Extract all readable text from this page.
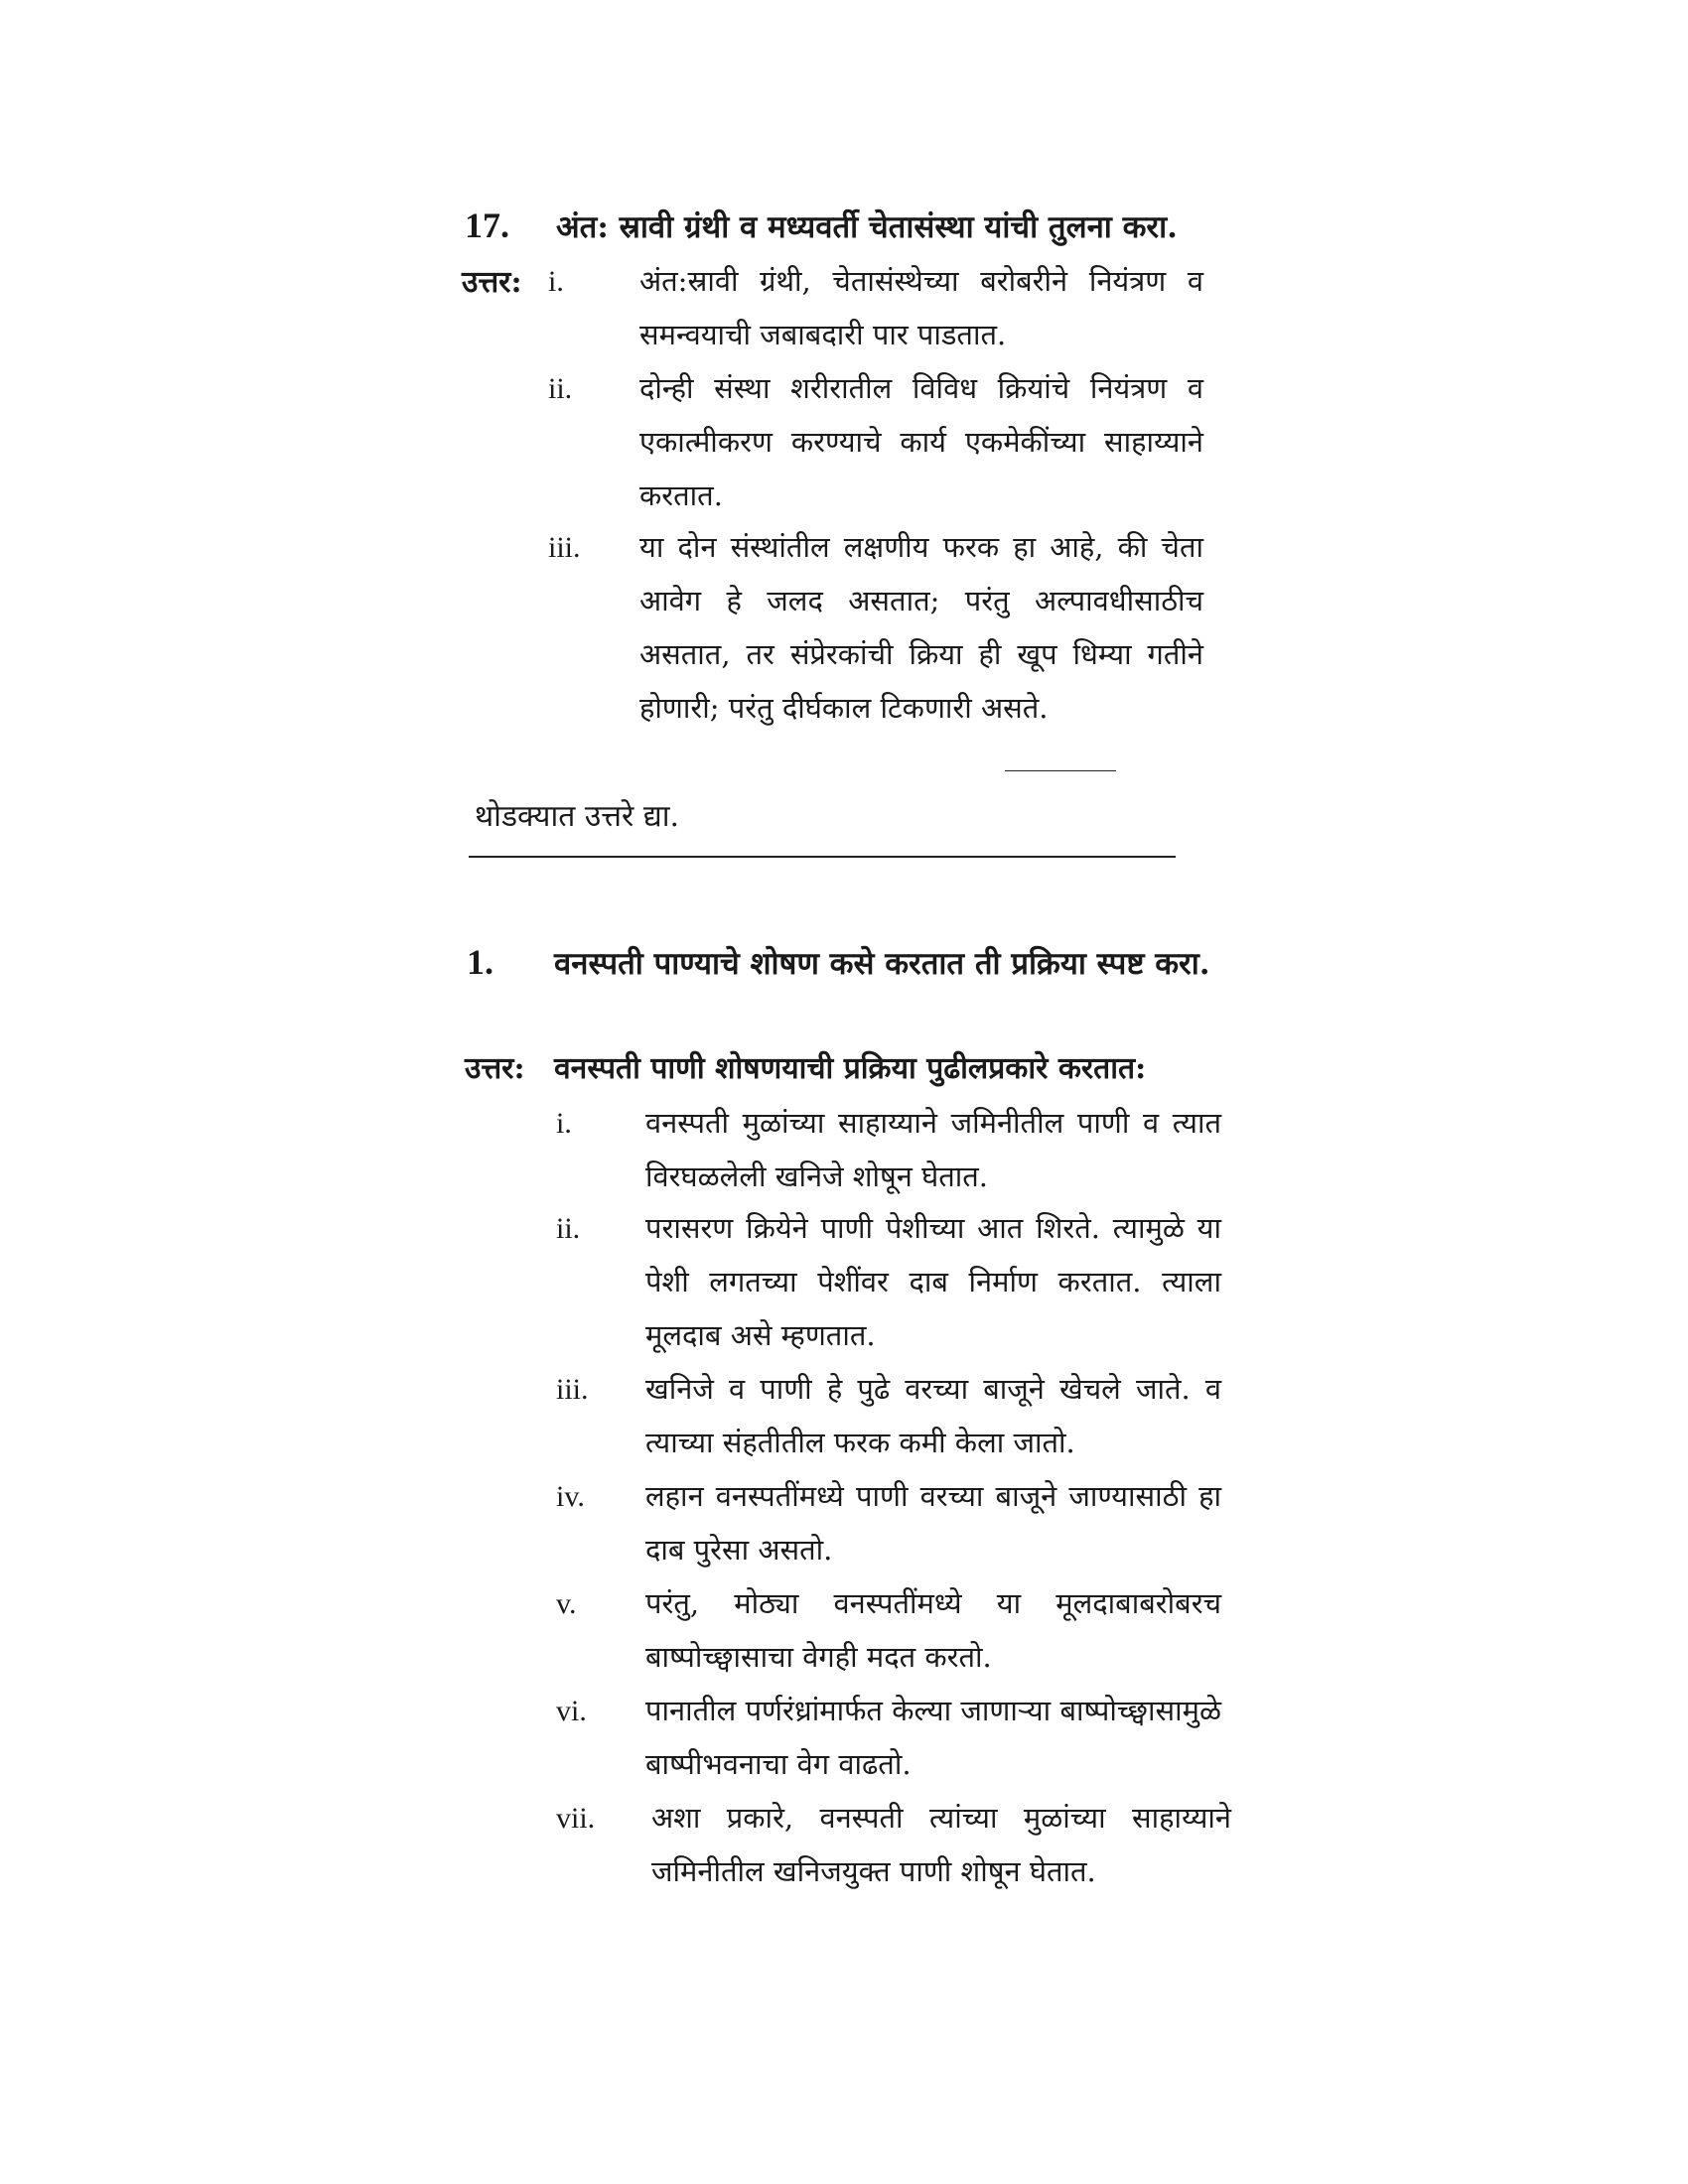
17.	अंत: स्रावी ग्रंथी व मध्यवर्ती चेतासंस्था यांची तुलना करा.
उत्तर: i.	अंत:स्रावी ग्रंथी, चेतासंस्थेच्या बरोबरीने नियंत्रण व समन्वयाची जबाबदारी पार पाडतात.
ii.	दोन्ही संस्था शरीरातील विविध क्रियांचे नियंत्रण व एकात्मीकरण करण्याचे कार्य एकमेकींच्या साहाय्याने करतात.
iii.	या दोन संस्थांतील लक्षणीय फरक हा आहे, की चेता आवेग हे जलद असतात; परंतु अल्पावधीसाठीच असतात, तर संप्रेरकांची क्रिया ही खूप धिम्या गतीने होणारी; परंतु दीर्घकाल टिकणारी असते.
थोडक्यात उत्तरे द्या.
1.	वनस्पती पाण्याचे शोषण कसे करतात ती प्रक्रिया स्पष्ट करा.
उत्तर: वनस्पती पाणी शोषणयाची प्रक्रिया पुढीलप्रकारे करतात:
i.	वनस्पती मुळांच्या साहाय्याने जमिनीतील पाणी व त्यात विरघळलेली खनिजे शोषून घेतात.
ii.	परासरण क्रियेने पाणी पेशीच्या आत शिरते. त्यामुळे या पेशी लगतच्या पेशींवर दाब निर्माण करतात. त्याला मूलदाब असे म्हणतात.
iii.	खनिजे व पाणी हे पुढे वरच्या बाजूने खेचले जाते. व त्याच्या संहतीतील फरक कमी केला जातो.
iv.	लहान वनस्पतींमध्ये पाणी वरच्या बाजूने जाण्यासाठी हा दाब पुरेसा असतो.
v.	परंतु, मोठ्या वनस्पतींमध्ये या मूलदाबाबरोबरच बाष्पोच्छ्वासाचा वेगही मदत करतो.
vi.	पानातील पर्णरंध्रांमार्फत केल्या जाणाऱ्या बाष्पोच्छ्वासामुळे बाष्पीभवनाचा वेग वाढतो.
vii.	अशा प्रकारे, वनस्पती त्यांच्या मुळांच्या साहाय्याने जमिनीतील खनिजयुक्त पाणी शोषून घेतात.
